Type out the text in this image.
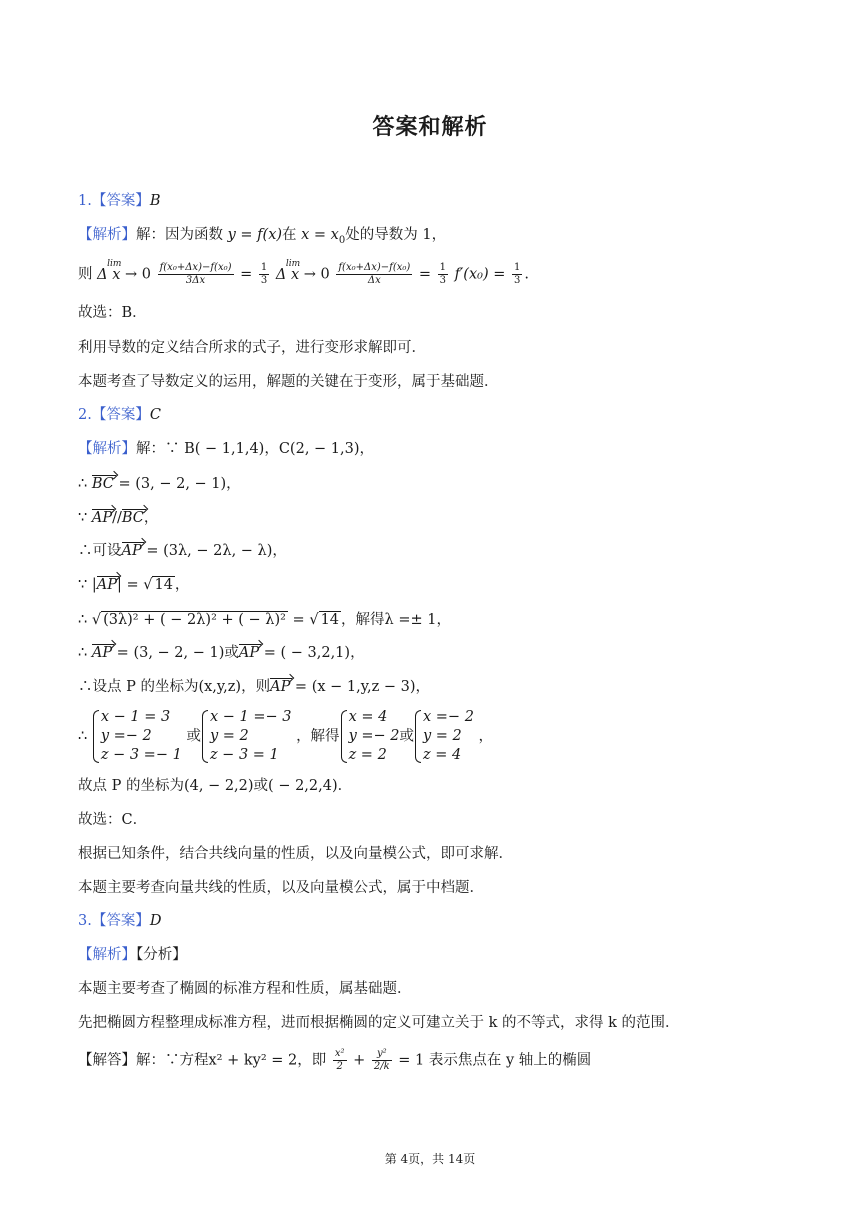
答案和解析
1.【答案】B
【解析】解：因为函数 y = f(x)在 $x = x_0$处的导数为 1，
则
lim
Δ $x \to 0 \frac{\text{f(x₀+Δx)−f(x₀)}}{3\Delta x} = \frac{1}{3}$
lim
Δ $x \to 0 \frac{\text{f(x₀+Δx)−f(x₀)}}{\Delta x} = \frac{1}{3} f'(x_0) = \frac{1}{3}$ .
故选：B．
利用导数的定义结合所求的式子，进行变形求解即可．
本题考查了导数定义的运用，解题的关键在于变形，属于基础题．
2.【答案】C
【解析】解：∵ B( − 1,1,4)，C(2, − 1,3)，
∴ BC = (3, − 2, − 1)，
∵ AP//BC，
∴可设AP = (3λ, − 2λ, − λ)，
∵ |AP| = √ 14 ，
∴ √ (3λ)² + ( − 2λ)² + ( − λ)² = √ 14 ，解得λ =± 1，
∴ AP = (3, − 2, − 1)或AP = ( − 3,2,1)，
∴设点 P 的坐标为(x,y,z)，则AP = (x − 1,y,z − 3)，
∴
x − 1 = 3
y =− 2
z − 3 =− 1
或
x − 1 =− 3
y = 2
z − 3 = 1
，解得
x = 4
y =− 2
z = 2
或
x =− 2
y = 2
z = 4
，
故点 P 的坐标为(4, − 2,2)或( − 2,2,4)．
故选：C．
根据已知条件，结合共线向量的性质，以及向量模公式，即可求解．
本题主要考查向量共线的性质，以及向量模公式，属于中档题．
3.【答案】D
【解析】【分析】
本题主要考查了椭圆的标准方程和性质，属基础题．
先把椭圆方程整理成标准方程，进而根据椭圆的定义可建立关于 k 的不等式，求得 k 的范围．
【解答】解：∵方程x² + ky² = 2，即 $\frac{\text{x²}}{2} + \frac{\text{y²}}{2/k} = 1$ 表示焦点在 y 轴上的椭圆
第 4页，共 14页
